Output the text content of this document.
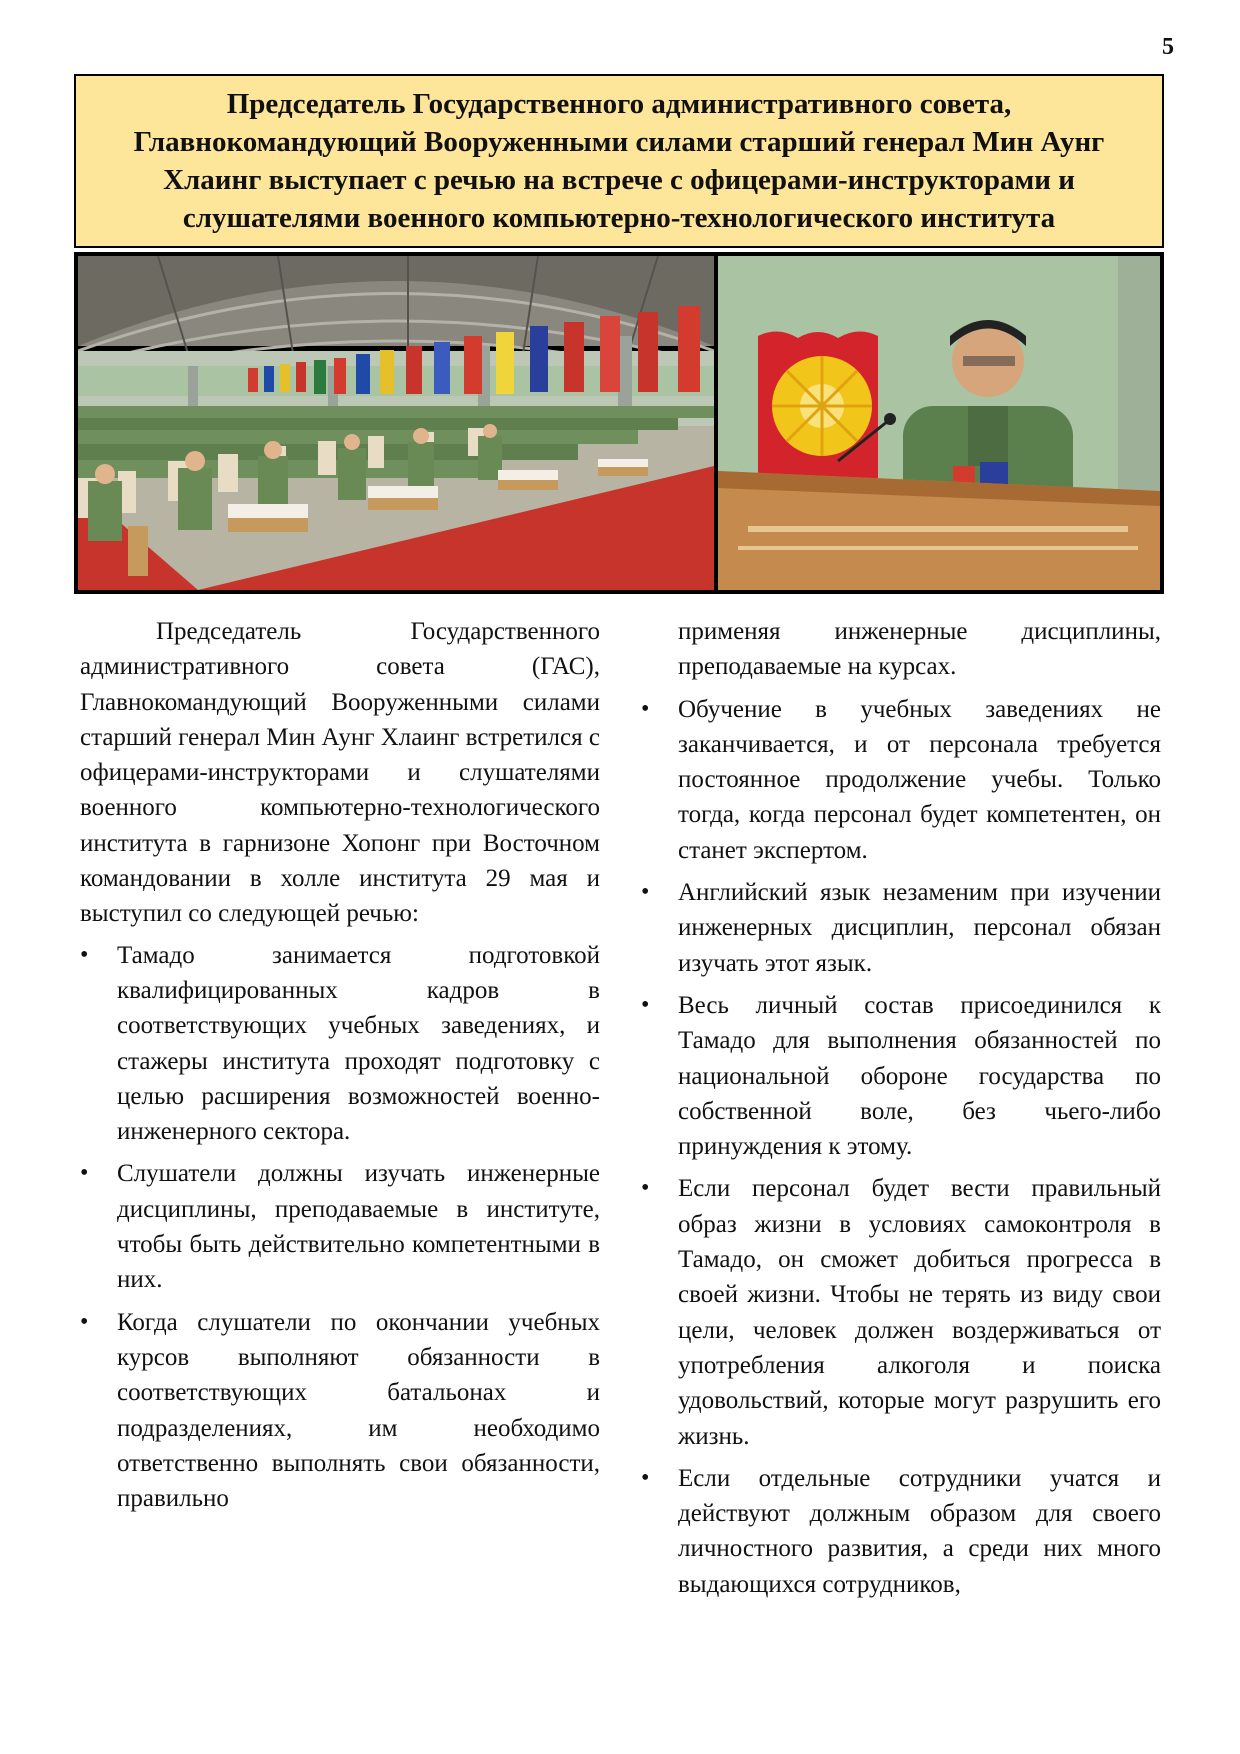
5
Председатель Государственного административного совета, Главнокомандующий Вооруженными силами старший генерал Мин Аунг Хлаинг выступает с речью на встрече с офицерами-инструкторами и слушателями военного компьютерно-технологического института

Председатель Государственного административного совета (ГАС), Главнокомандующий Вооруженными силами старший генерал Мин Аунг Хлаинг встретился с офицерами-инструкторами и слушателями военного компьютерно-технологического института в гарнизоне Хопонг при Восточном командовании в холле института 29 мая и выступил со следующей речью:

• Тамадо занимается подготовкой квалифицированных кадров в соответствующих учебных заведениях, и стажеры института проходят подготовку с целью расширения возможностей военно-инженерного сектора.
• Слушатели должны изучать инженерные дисциплины, преподаваемые в институте, чтобы быть действительно компетентными в них.
• Когда слушатели по окончании учебных курсов выполняют обязанности в соответствующих батальонах и подразделениях, им необходимо ответственно выполнять свои обязанности, правильно

применяя инженерные дисциплины, преподаваемые на курсах.

• Обучение в учебных заведениях не заканчивается, и от персонала требуется постоянное продолжение учебы. Только тогда, когда персонал будет компетентен, он станет экспертом.
• Английский язык незаменим при изучении инженерных дисциплин, персонал обязан изучать этот язык.
• Весь личный состав присоединился к Тамадо для выполнения обязанностей по национальной обороне государства по собственной воле, без чьего-либо принуждения к этому.
• Если персонал будет вести правильный образ жизни в условиях самоконтроля в Тамадо, он сможет добиться прогресса в своей жизни. Чтобы не терять из виду свои цели, человек должен воздерживаться от употребления алкоголя и поиска удовольствий, которые могут разрушить его жизнь.
• Если отдельные сотрудники учатся и действуют должным образом для своего личностного развития, а среди них много выдающихся сотрудников,
